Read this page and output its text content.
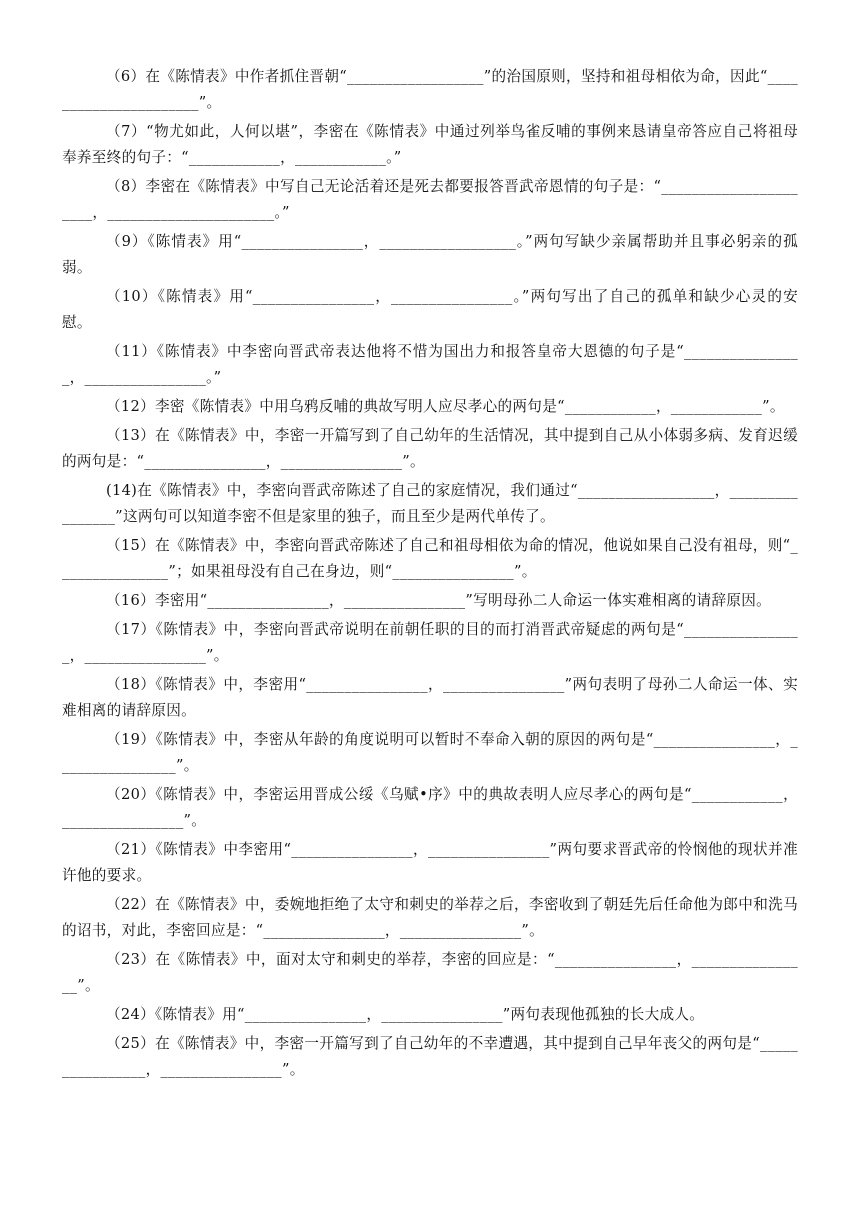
（6）在《陈情表》中作者抓住晋朝“__________________”的治国原则，坚持和祖母相依为命，因此“______________________”。

（7）“物尤如此，人何以堪”，李密在《陈情表》中通过列举鸟雀反哺的事例来恳请皇帝答应自己将祖母奉养至终的句子：“____________，____________。”

（8）李密在《陈情表》中写自己无论活着还是死去都要报答晋武帝恩情的句子是：“______________________，______________________。”

（9）《陈情表》用“________________，__________________。”两句写缺少亲属帮助并且事必躬亲的孤弱。

（10）《陈情表》用“________________，________________。”两句写出了自己的孤单和缺少心灵的安慰。

（11）《陈情表》中李密向晋武帝表达他将不惜为国出力和报答皇帝大恩德的句子是“________________，________________。”

（12）李密《陈情表》中用乌鸦反哺的典故写明人应尽孝心的两句是“____________，____________”。

（13）在《陈情表》中，李密一开篇写到了自己幼年的生活情况，其中提到自己从小体弱多病、发育迟缓的两句是：“________________，________________”。

(14)在《陈情表》中，李密向晋武帝陈述了自己的家庭情况，我们通过“__________________，________________”这两句可以知道李密不但是家里的独子，而且至少是两代单传了。

（15）在《陈情表》中，李密向晋武帝陈述了自己和祖母相依为命的情况，他说如果自己没有祖母，则“_______________”；如果祖母没有自己在身边，则“________________”。

（16）李密用“________________，________________”写明母孙二人命运一体实难相离的请辞原因。

（17）《陈情表》中，李密向晋武帝说明在前朝任职的目的而打消晋武帝疑虑的两句是“________________，________________”。

（18）《陈情表》中，李密用“________________，________________”两句表明了母孙二人命运一体、实难相离的请辞原因。

（19）《陈情表》中，李密从年龄的角度说明可以暂时不奉命入朝的原因的两句是“________________，________________”。

（20）《陈情表》中，李密运用晋成公绥《乌赋•序》中的典故表明人应尽孝心的两句是“____________，________________”。

（21）《陈情表》中李密用“________________，________________”两句要求晋武帝的怜悯他的现状并准许他的要求。

（22）在《陈情表》中，委婉地拒绝了太守和刺史的举荐之后，李密收到了朝廷先后任命他为郎中和洗马的诏书，对此，李密回应是：“________________，________________”。

（23）在《陈情表》中，面对太守和刺史的举荐，李密的回应是：“________________，________________”。

（24）《陈情表》用“________________，________________”两句表现他孤独的长大成人。

（25）在《陈情表》中，李密一开篇写到了自己幼年的不幸遭遇，其中提到自己早年丧父的两句是“________________，________________”。
